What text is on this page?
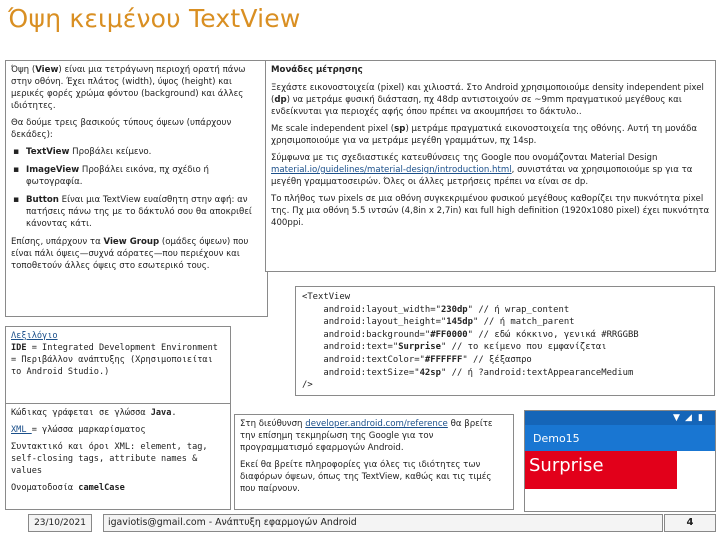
Όψη κειμένου TextView

Όψη (View) είναι μια τετράγωνη περιοχή ορατή πάνω στην οθόνη. Έχει πλάτος (width), ύψος (height) και μερικές φορές χρώμα φόντου (background) και άλλες ιδιότητες.

Θα δούμε τρεις βασικούς τύπους όψεων (υπάρχουν δεκάδες):

▪ TextView Προβάλει κείμενο.
▪ ImageView Προβάλει εικόνα, πχ σχέδιο ή φωτογραφία.
▪ Button Είναι μια TextView ευαίσθητη στην αφή: αν πατήσεις πάνω της με το δάκτυλό σου θα αποκριθεί κάνοντας κάτι.

Επίσης, υπάρχουν τα View Group (ομάδες όψεων) που είναι πάλι όψεις—συχνά αόρατες—που περιέχουν και τοποθετούν άλλες όψεις στο εσωτερικό τους.

Λεξιλόγιο
IDE = Integrated Development Environment = Περιβάλλον ανάπτυξης (Χρησιμοποιείται το Android Studio.)

Κώδικας γράφεται σε γλώσσα Java.

XML = γλώσσα μαρκαρίσματος

Συντακτικό και όροι XML: element, tag, self-closing tags, attribute names & values

Ονοματοδοσία camelCase

Μονάδες μέτρησης

Ξεχάστε εικονοστοιχεία (pixel) και χιλιοστά. Στο Android χρησιμοποιούμε density independent pixel (dp) να μετράμε φυσική διάσταση, πχ 48dp αντιστοιχούν σε ~9mm πραγματικού μεγέθους και ενδείκνυται για περιοχές αφής όπου πρέπει να ακουμπήσει το δάκτυλο..

Με scale independent pixel (sp) μετράμε πραγματικά εικονοστοιχεία της οθόνης. Αυτή τη μονάδα χρησιμοποιούμε για να μετράμε μεγέθη γραμμάτων, πχ 14sp.

Σύμφωνα με τις σχεδιαστικές κατευθύνσεις της Google που ονομάζονται Material Design material.io/guidelines/material-design/introduction.html, συνιστάται να χρησιμοποιούμε sp για τα μεγέθη γραμματοσειρών. Όλες οι άλλες μετρήσεις πρέπει να είναι σε dp.

Το πλήθος των pixels σε μια οθόνη συγκεκριμένου φυσικού μεγέθους καθορίζει την πυκνότητα pixel της. Πχ μια οθόνη 5.5 ιντσών (4,8in x 2,7in) και full high definition (1920x1080 pixel) έχει πυκνότητα 400ppi.

<TextView
android:layout_width="230dp" // ή wrap_content
android:layout_height="145dp" // ή match_parent
android:background="#FF0000" // εδώ κόκκινο, γενικά #RRGGBB
android:text="Surprise" // το κείμενο που εμφανίζεται
android:textColor="#FFFFFF" // ξέξασπρο
android:textSize="42sp" // ή ?android:textAppearanceMedium
/>

Στη διεύθυνση developer.android.com/reference θα βρείτε την επίσημη τεκμηρίωση της Google για τον προγραμματισμό εφαρμογών Android.

Εκεί θα βρείτε πληροφορίες για όλες τις ιδιότητες των διαφόρων όψεων, όπως της TextView, καθώς και τις τιμές που παίρνουν.

▼ ◢ ▮
Demo15
Surprise
23/10/2021	igaviotis@gmail.com - Ανάπτυξη εφαρμογών Android	4
